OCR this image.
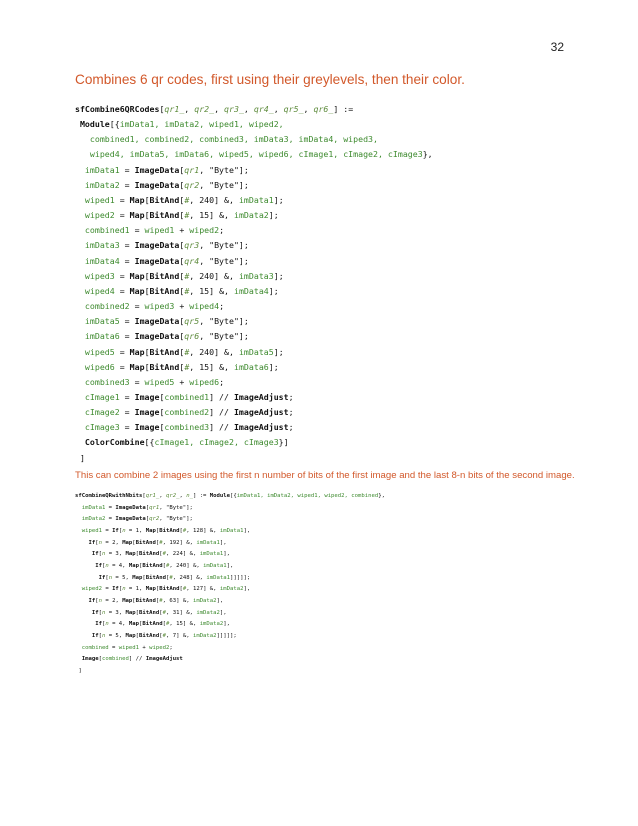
32
Combines 6 qr codes, first using their greylevels, then their color.
sfCombine6QRCodes[qr1_, qr2_, qr3_, qr4_, qr5_, qr6_] :=
Module[{imData1, imData2, wiped1, wiped2,
combined1, combined2, combined3, imData3, imData4, wiped3,
wiped4, imData5, imData6, wiped5, wiped6, cImage1, cImage2, cImage3},
imData1 = ImageData[qr1, "Byte"];
imData2 = ImageData[qr2, "Byte"];
wiped1 = Map[BitAnd[#, 240] &, imData1];
wiped2 = Map[BitAnd[#, 15] &, imData2];
combined1 = wiped1 + wiped2;
imData3 = ImageData[qr3, "Byte"];
imData4 = ImageData[qr4, "Byte"];
wiped3 = Map[BitAnd[#, 240] &, imData3];
wiped4 = Map[BitAnd[#, 15] &, imData4];
combined2 = wiped3 + wiped4;
imData5 = ImageData[qr5, "Byte"];
imData6 = ImageData[qr6, "Byte"];
wiped5 = Map[BitAnd[#, 240] &, imData5];
wiped6 = Map[BitAnd[#, 15] &, imData6];
combined3 = wiped5 + wiped6;
cImage1 = Image[combined1] // ImageAdjust;
cImage2 = Image[combined2] // ImageAdjust;
cImage3 = Image[combined3] // ImageAdjust;
ColorCombine[{cImage1, cImage2, cImage3}]
]
This can combine 2 images using the first n number of bits of the first image and the last 8-n bits of the second image.
sfCombineQRwithNbits[qr1_, qr2_, n_] := Module[{imData1, imData2, wiped1, wiped2, combined},
imData1 = ImageData[qr1, "Byte"];
imData2 = ImageData[qr2, "Byte"];
wiped1 = If[n = 1, Map[BitAnd[#, 128] &, imData1],
If[n = 2, Map[BitAnd[#, 192] &, imData1],
If[n = 3, Map[BitAnd[#, 224] &, imData1],
If[n = 4, Map[BitAnd[#, 240] &, imData1],
If[n = 5, Map[BitAnd[#, 248] &, imData1]]]]];
wiped2 = If[n = 1, Map[BitAnd[#, 127] &, imData2],
If[n = 2, Map[BitAnd[#, 63] &, imData2],
If[n = 3, Map[BitAnd[#, 31] &, imData2],
If[n = 4, Map[BitAnd[#, 15] &, imData2],
If[n = 5, Map[BitAnd[#, 7] &, imData2]]]]];
combined = wiped1 + wiped2;
Image[combined] // ImageAdjust
]
